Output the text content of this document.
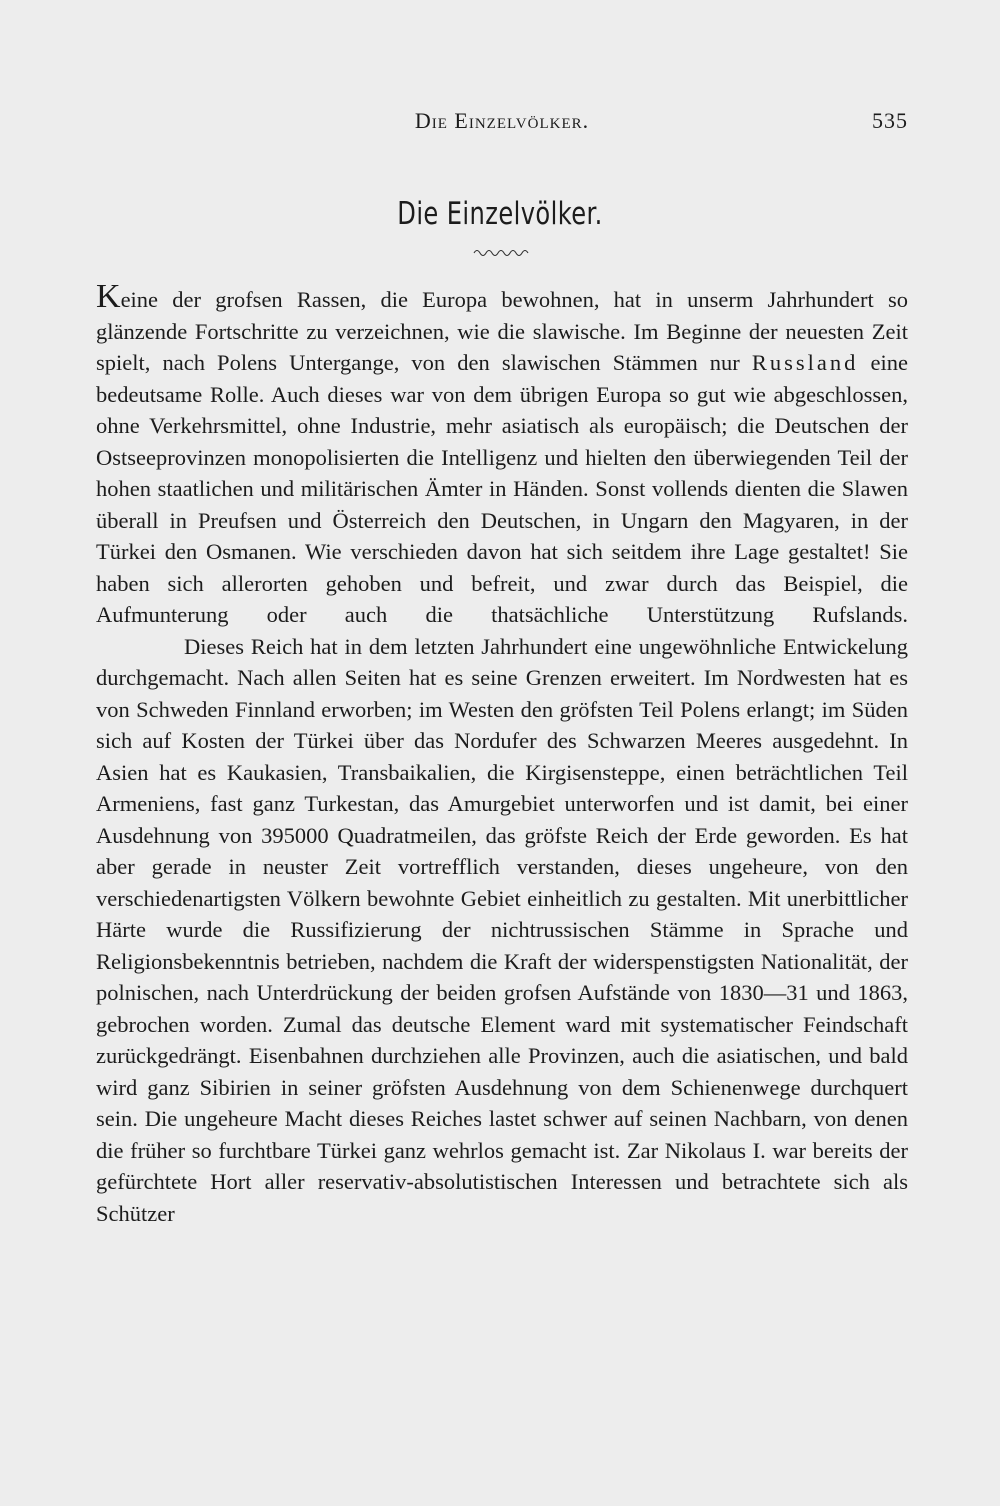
Die Einzelvölker.	535
Die Einzelvölker.

Keine der grofsen Rassen, die Europa bewohnen, hat in unserm Jahrhundert so glänzende Fortschritte zu verzeichnen, wie die slawische. Im Beginne der neuesten Zeit spielt, nach Polens Untergange, von den slawischen Stämmen nur Russland eine bedeutsame Rolle. Auch dieses war von dem übrigen Europa so gut wie abgeschlossen, ohne Verkehrsmittel, ohne Industrie, mehr asiatisch als europäisch; die Deutschen der Ostseeprovinzen monopolisierten die Intelligenz und hielten den überwiegenden Teil der hohen staatlichen und militärischen Ämter in Händen. Sonst vollends dienten die Slawen überall in Preufsen und Österreich den Deutschen, in Ungarn den Magyaren, in der Türkei den Osmanen. Wie verschieden davon hat sich seitdem ihre Lage gestaltet! Sie haben sich allerorten gehoben und befreit, und zwar durch das Beispiel, die Aufmunterung oder auch die thatsächliche Unterstützung Rufslands.

Dieses Reich hat in dem letzten Jahrhundert eine ungewöhnliche Entwickelung durchgemacht. Nach allen Seiten hat es seine Grenzen erweitert. Im Nordwesten hat es von Schweden Finnland erworben; im Westen den gröfsten Teil Polens erlangt; im Süden sich auf Kosten der Türkei über das Nordufer des Schwarzen Meeres ausgedehnt. In Asien hat es Kaukasien, Transbaikalien, die Kirgisensteppe, einen beträchtlichen Teil Armeniens, fast ganz Turkestan, das Amurgebiet unterworfen und ist damit, bei einer Ausdehnung von 395000 Quadratmeilen, das gröfste Reich der Erde geworden. Es hat aber gerade in neuster Zeit vortrefflich verstanden, dieses ungeheure, von den verschiedenartigsten Völkern bewohnte Gebiet einheitlich zu gestalten. Mit unerbittlicher Härte wurde die Russifizierung der nichtrussischen Stämme in Sprache und Religionsbekenntnis betrieben, nachdem die Kraft der widerspenstigsten Nationalität, der polnischen, nach Unterdrückung der beiden grofsen Aufstände von 1830—31 und 1863, gebrochen worden. Zumal das deutsche Element ward mit systematischer Feindschaft zurückgedrängt. Eisenbahnen durchziehen alle Provinzen, auch die asiatischen, und bald wird ganz Sibirien in seiner gröfsten Ausdehnung von dem Schienenwege durchquert sein. Die ungeheure Macht dieses Reiches lastet schwer auf seinen Nachbarn, von denen die früher so furchtbare Türkei ganz wehrlos gemacht ist. Zar Nikolaus I. war bereits der gefürchtete Hort aller reservativ-absolutistischen Interessen und betrachtete sich als Schützer
